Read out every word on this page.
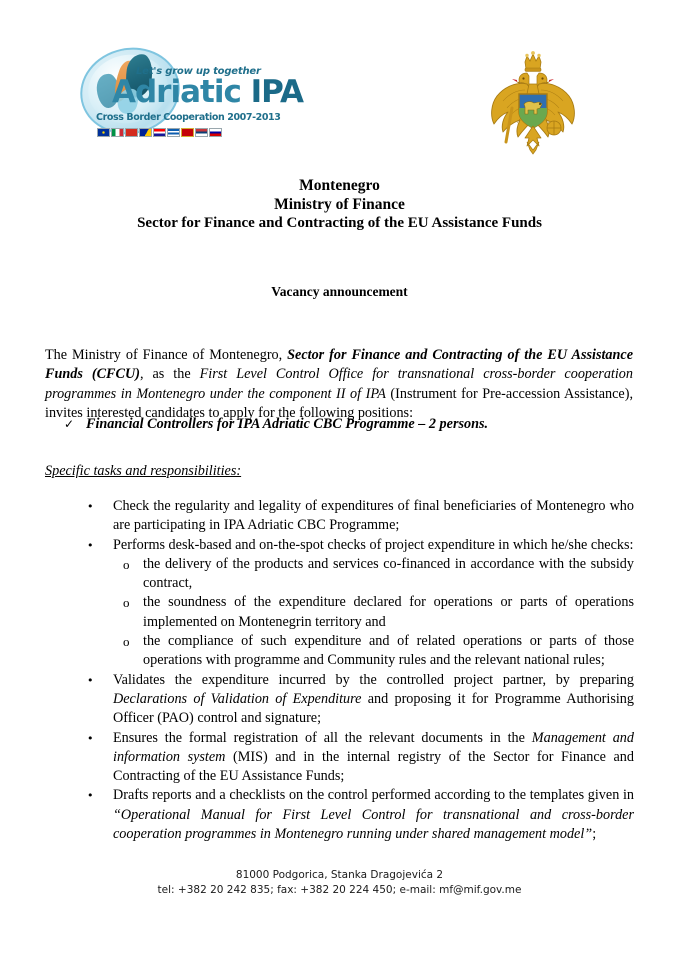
Let's grow up together
Adriatic IPA
Cross Border Cooperation 2007-2013
Montenegro
Ministry of Finance
Sector for Finance and Contracting of the EU Assistance Funds
Vacancy announcement

The Ministry of Finance of Montenegro, Sector for Finance and Contracting of the EU Assistance Funds (CFCU), as the First Level Control Office for transnational cross-border cooperation programmes in Montenegro under the component II of IPA (Instrument for Pre-accession Assistance), invites interested candidates to apply for the following positions:

✓ Financial Controllers for IPA Adriatic CBC Programme – 2 persons.
Specific tasks and responsibilities:
• Check the regularity and legality of expenditures of final beneficiaries of Montenegro who are participating in IPA Adriatic CBC Programme;
• Performs desk-based and on-the-spot checks of project expenditure in which he/she checks:
o the delivery of the products and services co-financed in accordance with the subsidy contract,
o the soundness of the expenditure declared for operations or parts of operations implemented on Montenegrin territory and
o the compliance of such expenditure and of related operations or parts of those operations with programme and Community rules and the relevant national rules;
• Validates the expenditure incurred by the controlled project partner, by preparing Declarations of Validation of Expenditure and proposing it for Programme Authorising Officer (PAO) control and signature;
• Ensures the formal registration of all the relevant documents in the Management and information system (MIS) and in the internal registry of the Sector for Finance and Contracting of the EU Assistance Funds;
• Drafts reports and a checklists on the control performed according to the templates given in “Operational Manual for First Level Control for transnational and cross-border cooperation programmes in Montenegro running under shared management model”;
81000 Podgorica, Stanka Dragojevića 2
tel: +382 20 242 835; fax: +382 20 224 450; e-mail: mf@mif.gov.me
